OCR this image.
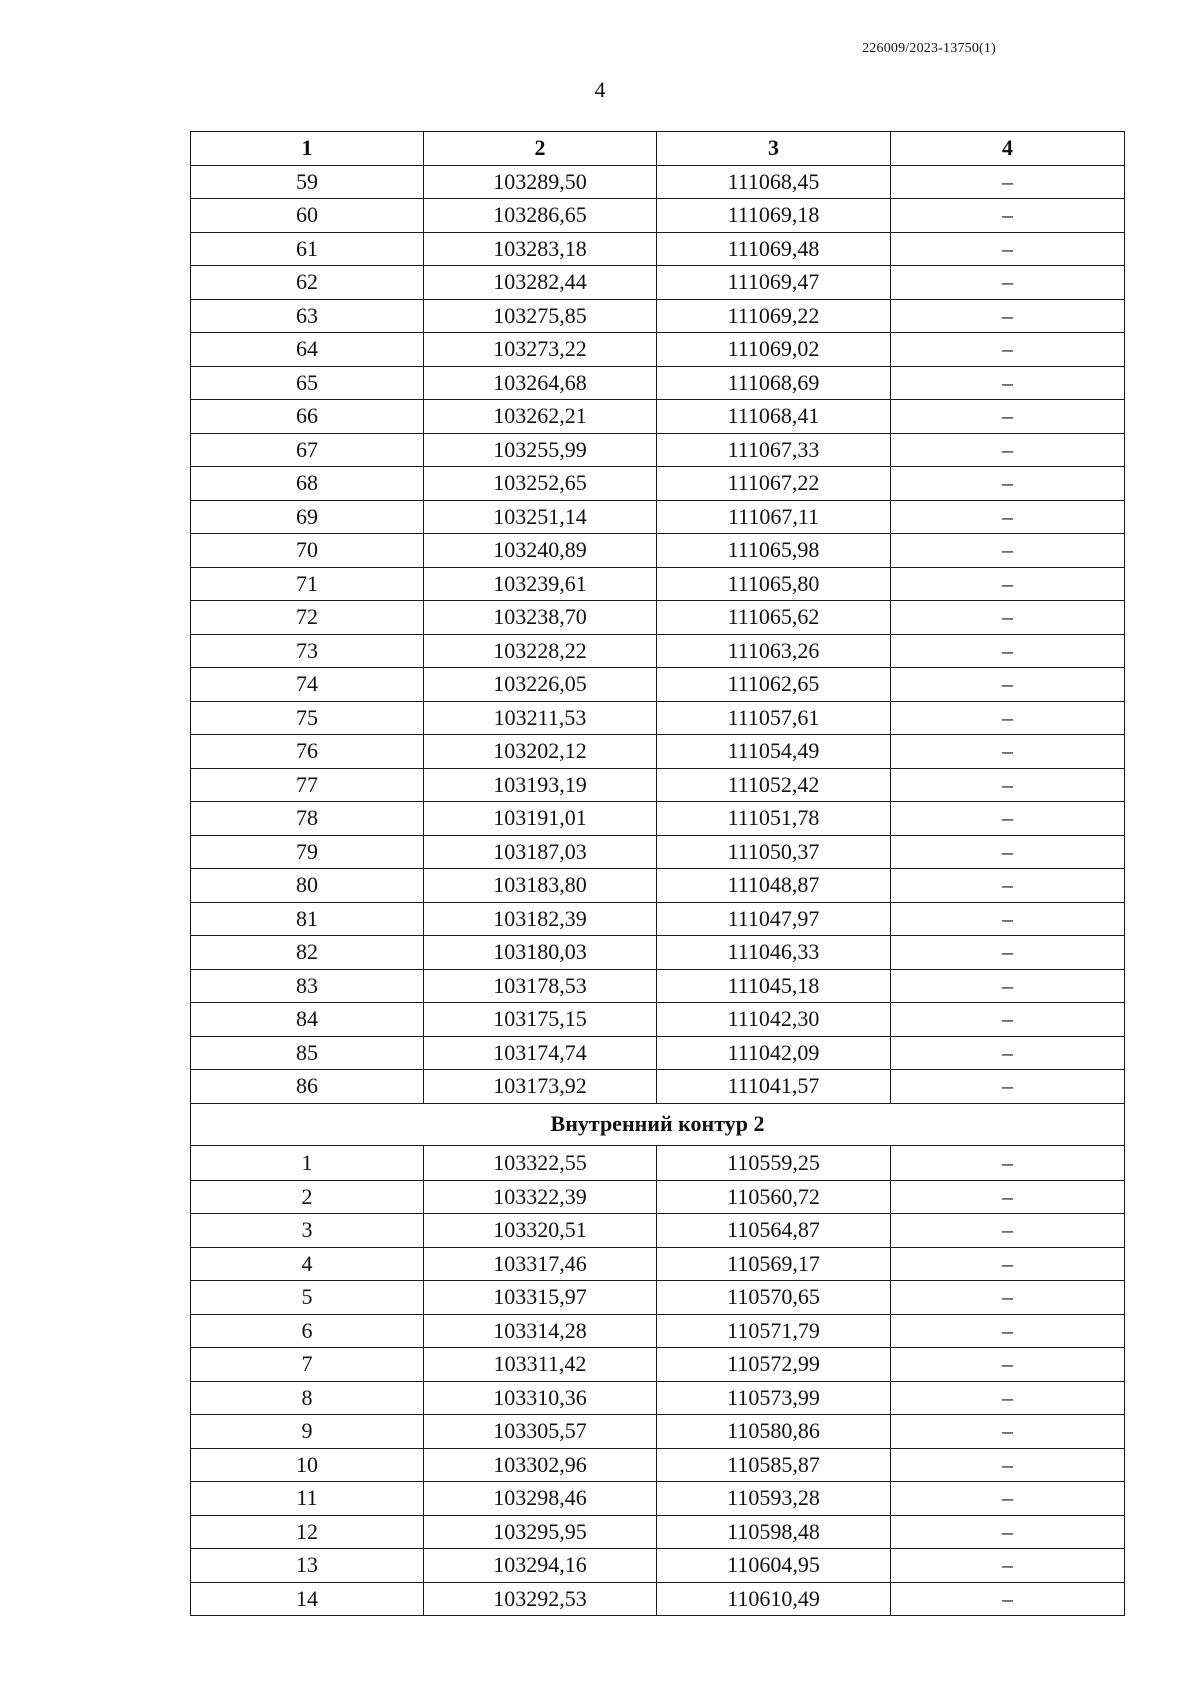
226009/2023-13750(1)
4
1	2	3	4
59	103289,50	111068,45	–
60	103286,65	111069,18	–
61	103283,18	111069,48	–
62	103282,44	111069,47	–
63	103275,85	111069,22	–
64	103273,22	111069,02	–
65	103264,68	111068,69	–
66	103262,21	111068,41	–
67	103255,99	111067,33	–
68	103252,65	111067,22	–
69	103251,14	111067,11	–
70	103240,89	111065,98	–
71	103239,61	111065,80	–
72	103238,70	111065,62	–
73	103228,22	111063,26	–
74	103226,05	111062,65	–
75	103211,53	111057,61	–
76	103202,12	111054,49	–
77	103193,19	111052,42	–
78	103191,01	111051,78	–
79	103187,03	111050,37	–
80	103183,80	111048,87	–
81	103182,39	111047,97	–
82	103180,03	111046,33	–
83	103178,53	111045,18	–
84	103175,15	111042,30	–
85	103174,74	111042,09	–
86	103173,92	111041,57	–
Внутренний контур 2			
1	103322,55	110559,25	–
2	103322,39	110560,72	–
3	103320,51	110564,87	–
4	103317,46	110569,17	–
5	103315,97	110570,65	–
6	103314,28	110571,79	–
7	103311,42	110572,99	–
8	103310,36	110573,99	–
9	103305,57	110580,86	–
10	103302,96	110585,87	–
11	103298,46	110593,28	–
12	103295,95	110598,48	–
13	103294,16	110604,95	–
14	103292,53	110610,49	–
